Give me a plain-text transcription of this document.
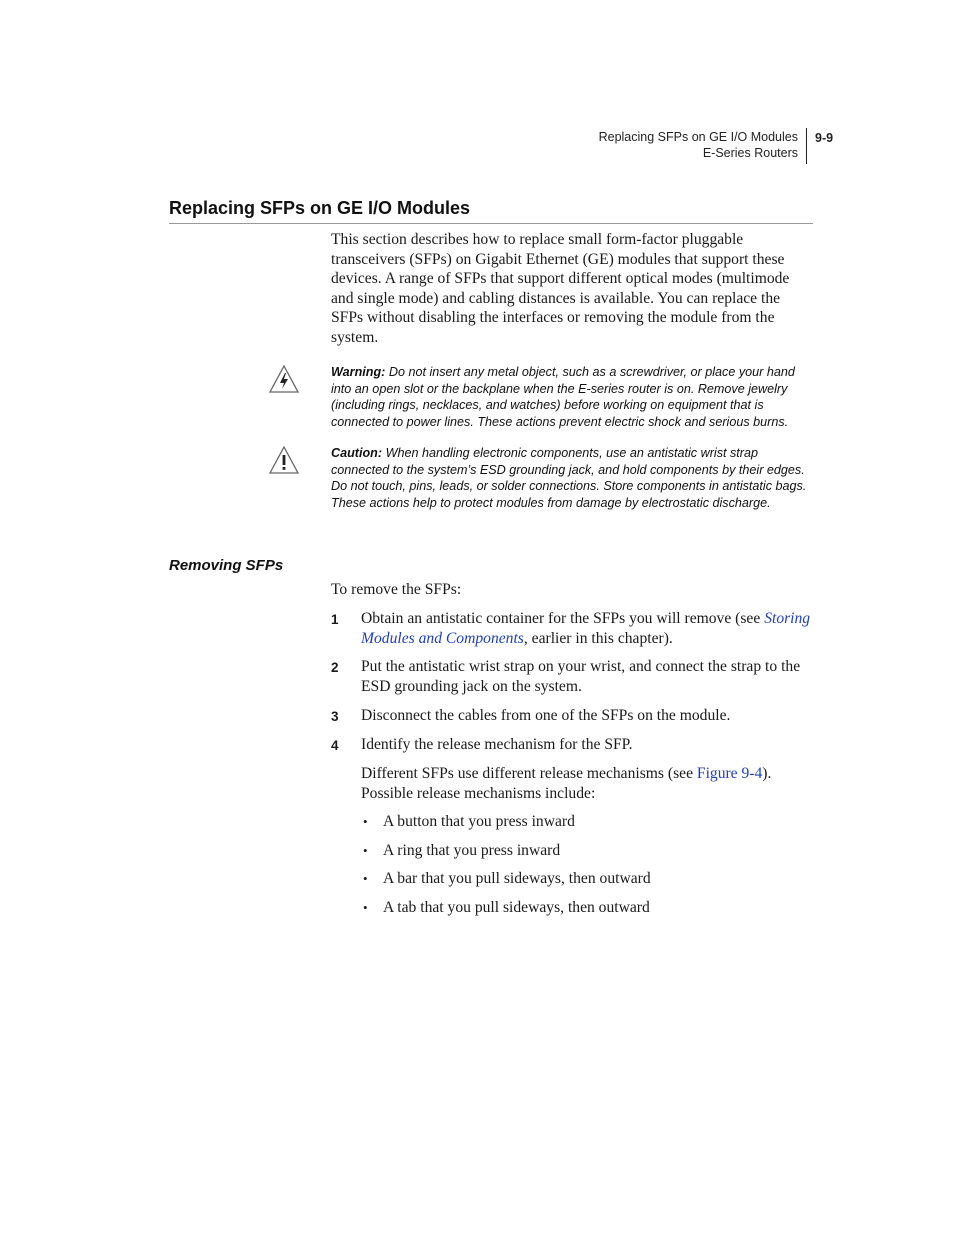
Replacing SFPs on GE I/O Modules
E-Series Routers
9-9
Replacing SFPs on GE I/O Modules

This section describes how to replace small form-factor pluggable transceivers (SFPs) on Gigabit Ethernet (GE) modules that support these devices. A range of SFPs that support different optical modes (multimode and single mode) and cabling distances is available. You can replace the SFPs without disabling the interfaces or removing the module from the system.

Warning: Do not insert any metal object, such as a screwdriver, or place your hand into an open slot or the backplane when the E-series router is on. Remove jewelry (including rings, necklaces, and watches) before working on equipment that is connected to power lines. These actions prevent electric shock and serious burns.

Caution: When handling electronic components, use an antistatic wrist strap connected to the system’s ESD grounding jack, and hold components by their edges. Do not touch, pins, leads, or solder connections. Store components in antistatic bags. These actions help to protect modules from damage by electrostatic discharge.

Removing SFPs

To remove the SFPs:

1 Obtain an antistatic container for the SFPs you will remove (see Storing Modules and Components, earlier in this chapter).

2 Put the antistatic wrist strap on your wrist, and connect the strap to the ESD grounding jack on the system.

3 Disconnect the cables from one of the SFPs on the module.

4 Identify the release mechanism for the SFP.

Different SFPs use different release mechanisms (see Figure 9-4). Possible release mechanisms include:

• A button that you press inward
• A ring that you press inward
• A bar that you pull sideways, then outward
• A tab that you pull sideways, then outward
